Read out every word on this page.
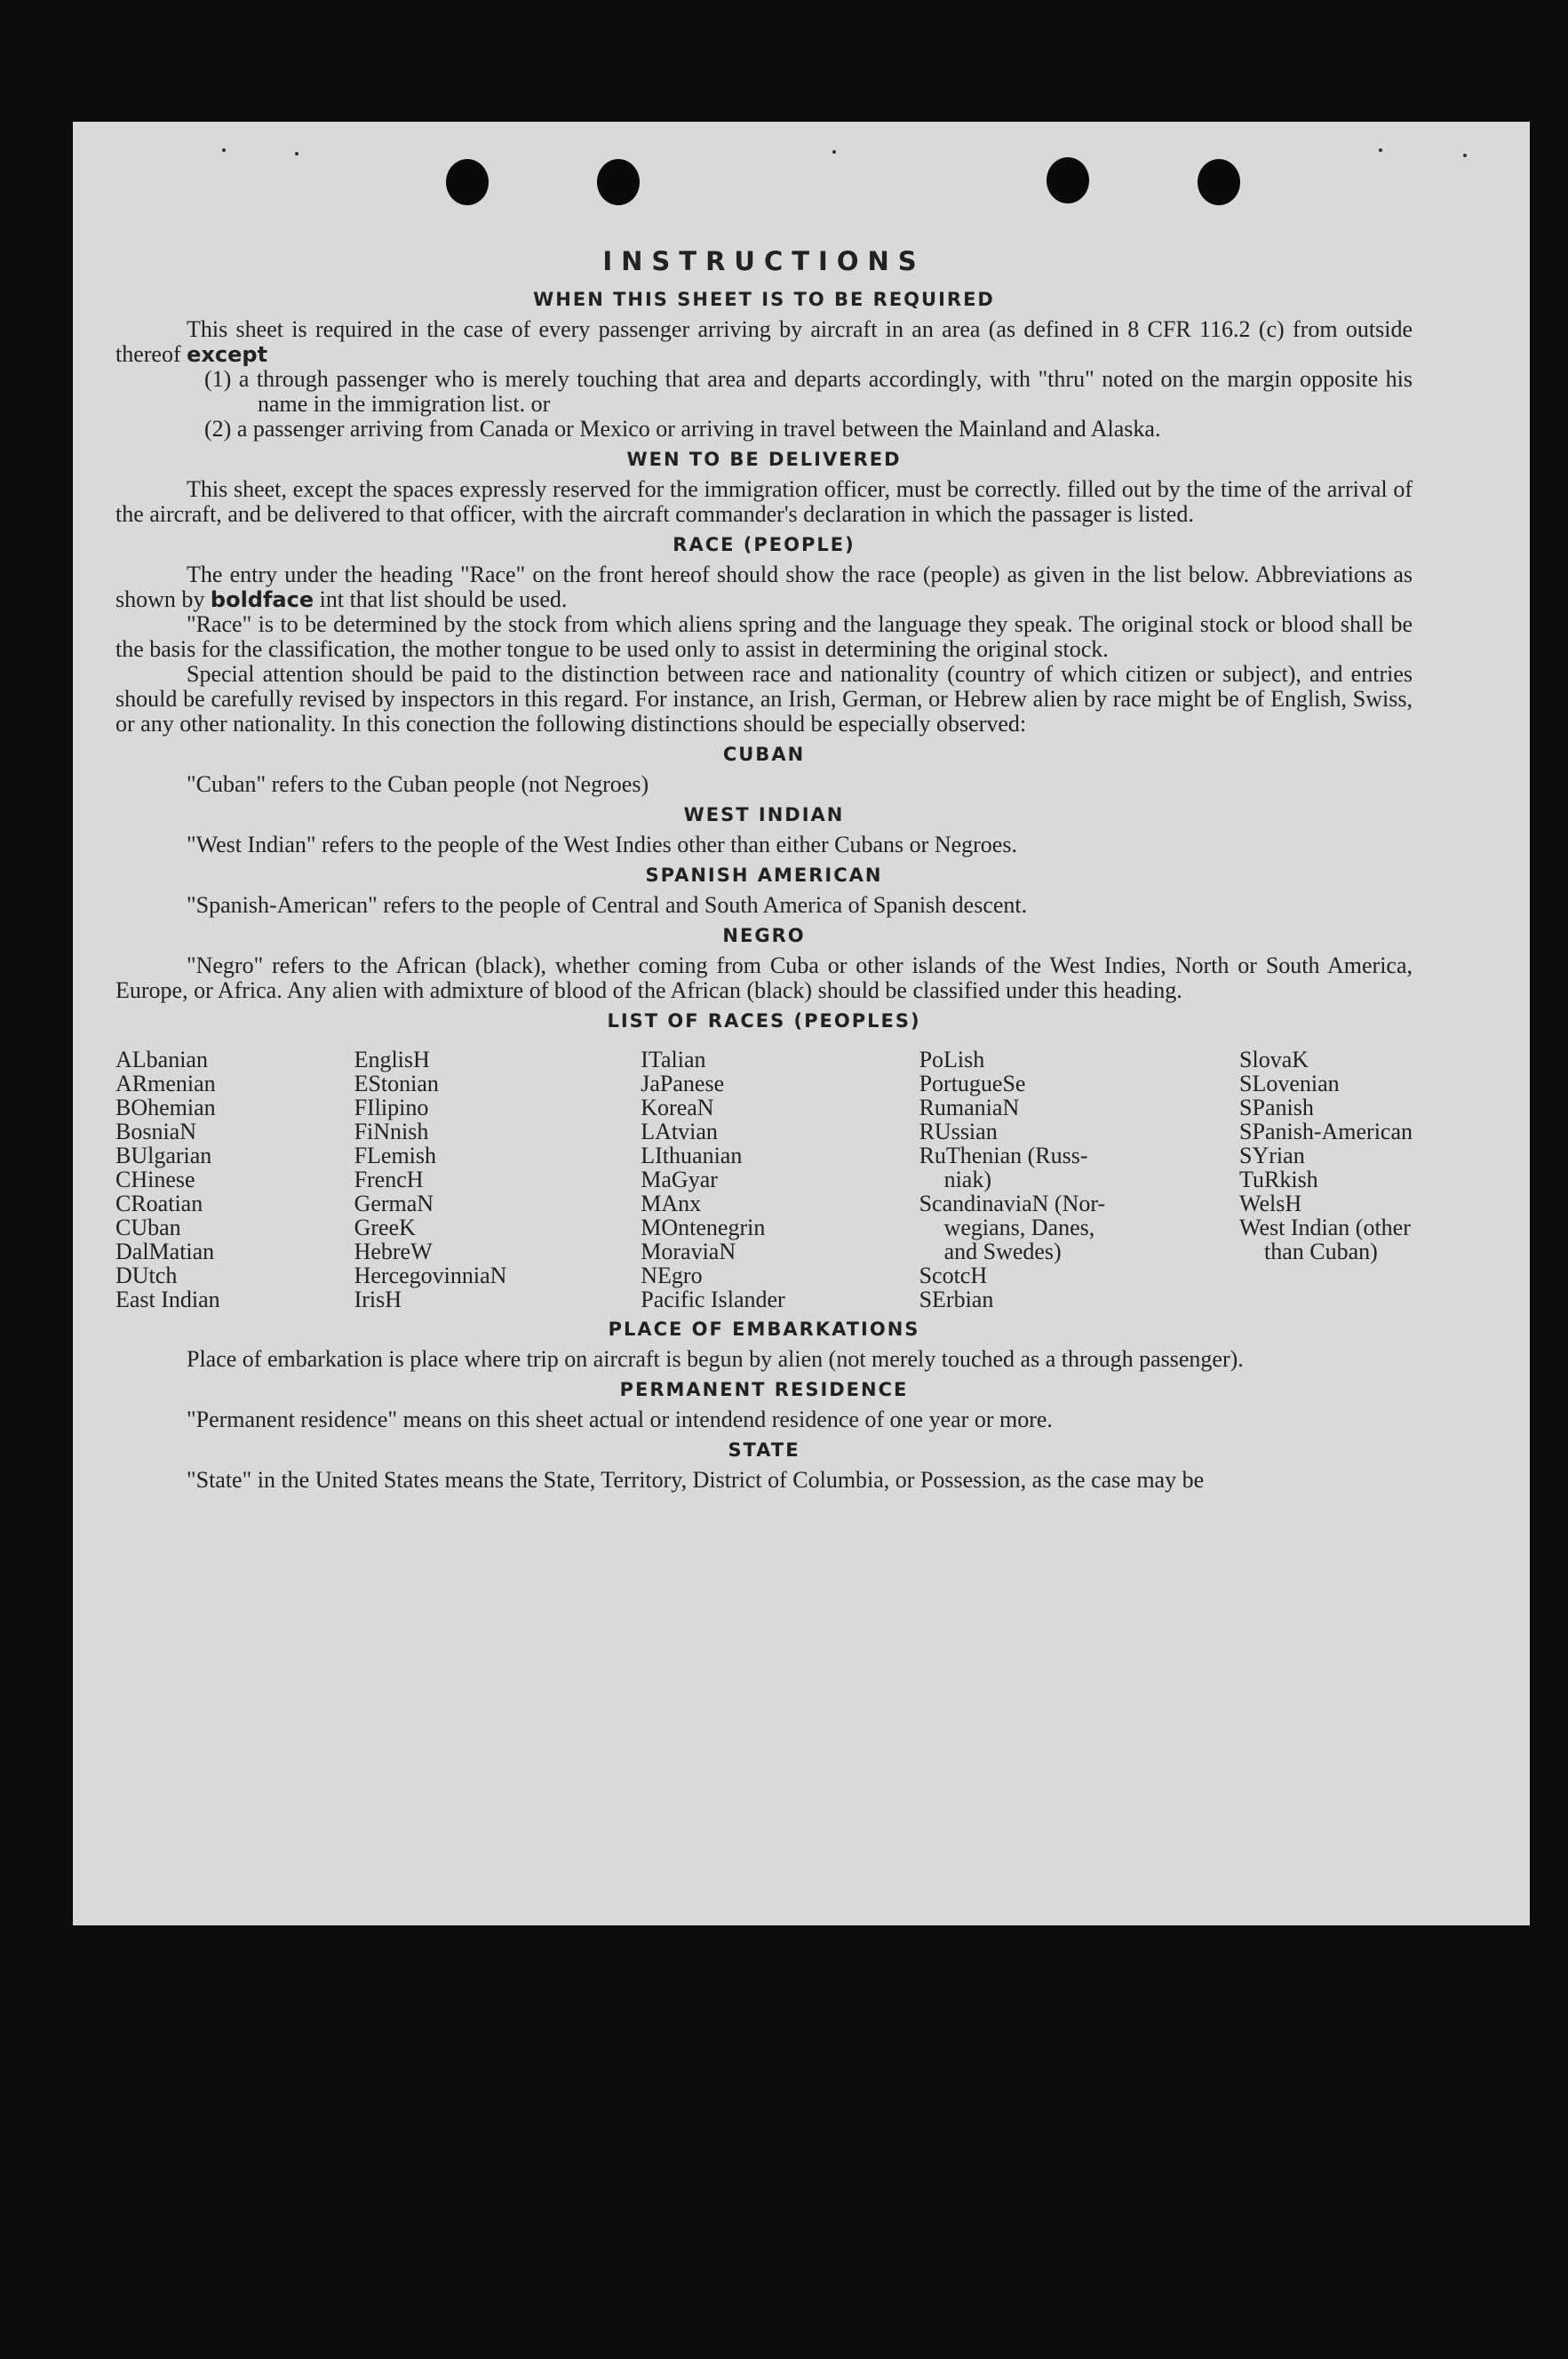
INSTRUCTIONS
WHEN THIS SHEET IS TO BE REQUIRED

This sheet is required in the case of every passenger arriving by aircraft in an area (as defined in 8 CFR 116.2 (c) from outside thereof except

(1) a through passenger who is merely touching that area and departs accordingly, with "thru" noted on the margin opposite his name in the immigration list. or
(2) a passenger arriving from Canada or Mexico or arriving in travel between the Mainland and Alaska.
WEN TO BE DELIVERED

This sheet, except the spaces expressly reserved for the immigration officer, must be correctly. filled out by the time of the arrival of the aircraft, and be delivered to that officer, with the aircraft commander's declaration in which the passager is listed.

RACE (PEOPLE)

The entry under the heading "Race" on the front hereof should show the race (people) as given in the list below. Abbreviations as shown by boldface int that list should be used.

"Race" is to be determined by the stock from which aliens spring and the language they speak. The original stock or blood shall be the basis for the classification, the mother tongue to be used only to assist in determining the original stock.

Special attention should be paid to the distinction between race and nationality (country of which citizen or subject), and entries should be carefully revised by inspectors in this regard. For instance, an Irish, German, or Hebrew alien by race might be of English, Swiss, or any other nationality. In this conection the following distinctions should be especially observed:

CUBAN

"Cuban" refers to the Cuban people (not Negroes)

WEST INDIAN

"West Indian" refers to the people of the West Indies other than either Cubans or Negroes.

SPANISH AMERICAN

"Spanish-American" refers to the people of Central and South America of Spanish descent.

NEGRO

"Negro" refers to the African (black), whether coming from Cuba or other islands of the West Indies, North or South America, Europe, or Africa. Any alien with admixture of blood of the African (black) should be classified under this heading.

LIST OF RACES (PEOPLES)
ALbanian
ARmenian
BOhemian
BosniaN
BUlgarian
CHinese
CRoatian
CUban
DalMatian
DUtch
East Indian
EnglisH
EStonian
FIlipino
FiNnish
FLemish
FrencH
GermaN
GreeK
HebreW
HercegovinniaN
IrisH
ITalian
JaPanese
KoreaN
LAtvian
LIthuanian
MaGyar
MAnx
MOntenegrin
MoraviaN
NEgro
Pacific Islander
PoLish
PortugueSe
RumaniaN
RUssian
RuThenian (Russ-
niak)
ScandinaviaN (Nor-
wegians, Danes,
and Swedes)
ScotcH
SErbian
SlovaK
SLovenian
SPanish
SPanish-American
SYrian
TuRkish
WelsH
West Indian (other
than Cuban)
PLACE OF EMBARKATIONS

Place of embarkation is place where trip on aircraft is begun by alien (not merely touched as a through passenger).

PERMANENT RESIDENCE

"Permanent residence" means on this sheet actual or intendend residence of one year or more.

STATE

"State" in the United States means the State, Territory, District of Columbia, or Possession, as the case may be
